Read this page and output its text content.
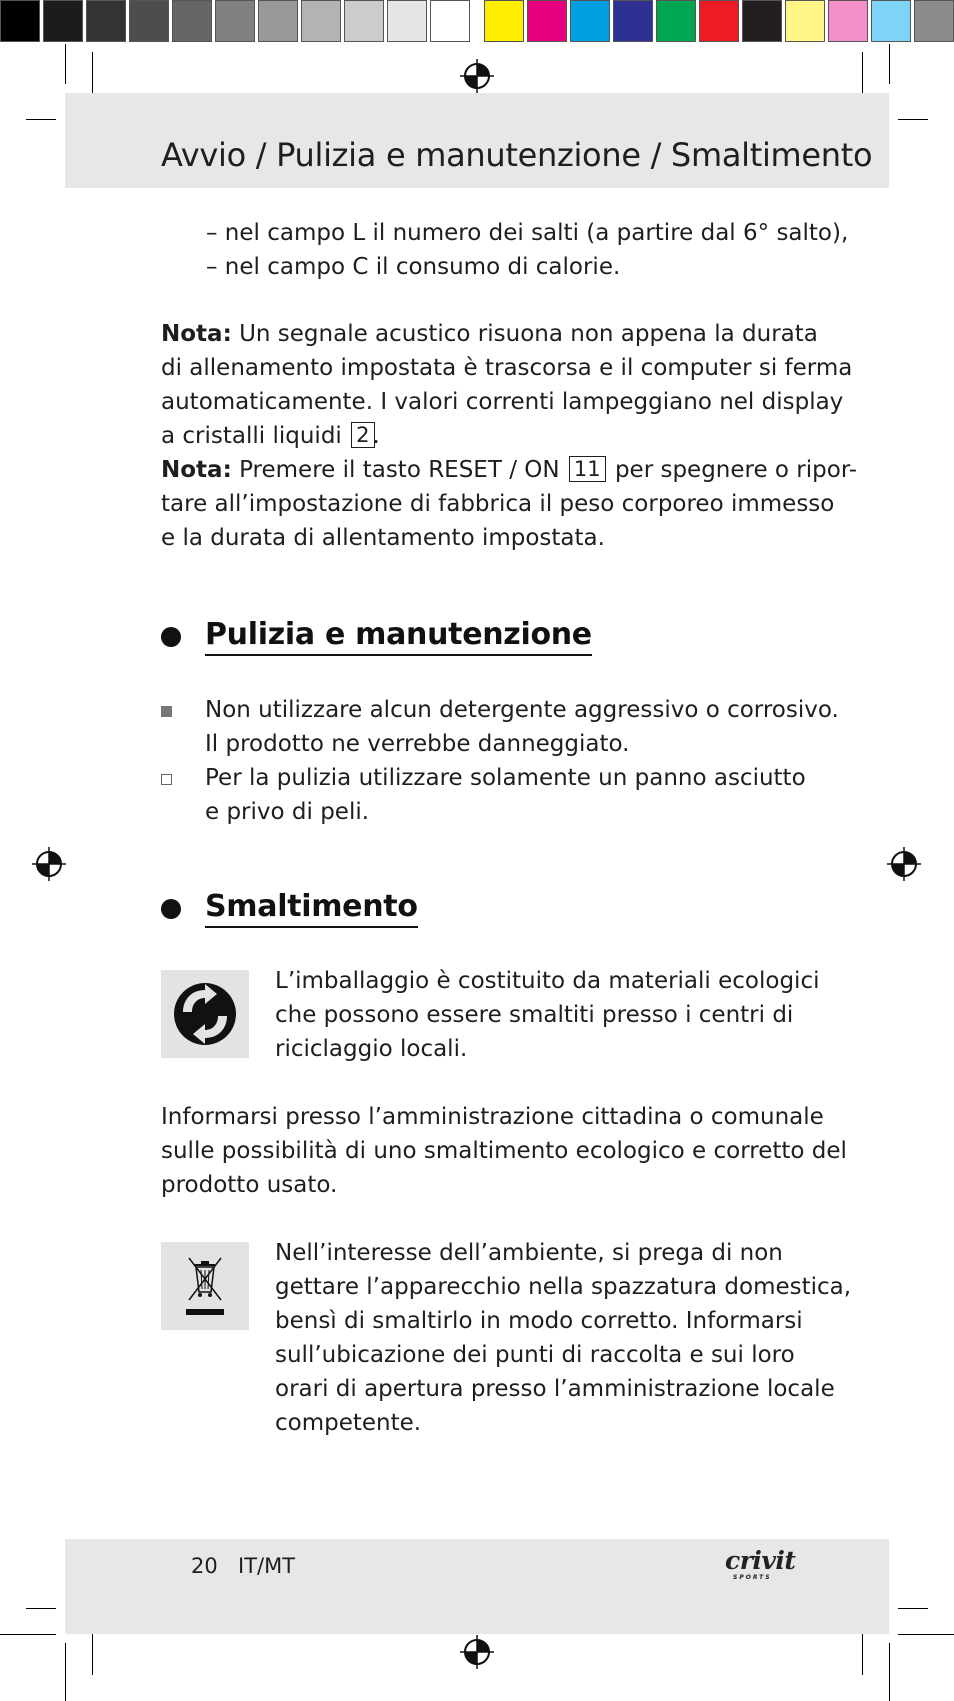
Avvio / Pulizia e manutenzione / Smaltimento
– nel campo L il numero dei salti (a partire dal 6° salto),
– nel campo C il consumo di calorie.
Nota: Un segnale acustico risuona non appena la durata
di allenamento impostata è trascorsa e il computer si ferma
automaticamente. I valori correnti lampeggiano nel display
a cristalli liquidi 2 .
Nota: Premere il tasto RESET / ON 11 per spegnere o ripor-
tare all’impostazione di fabbrica il peso corporeo immesso
e la durata di allentamento impostata.
Pulizia e manutenzione
Non utilizzare alcun detergente aggressivo o corrosivo.
Il prodotto ne verrebbe danneggiato.
Per la pulizia utilizzare solamente un panno asciutto
e privo di peli.
Smaltimento
L’imballaggio è costituito da materiali ecologici
che possono essere smaltiti presso i centri di
riciclaggio locali.
Informarsi presso l’amministrazione cittadina o comunale
sulle possibilità di uno smaltimento ecologico e corretto del
prodotto usato.
Nell’interesse dell’ambiente, si prega di non
gettare l’apparecchio nella spazzatura domestica,
bensì di smaltirlo in modo corretto. Informarsi
sull’ubicazione dei punti di raccolta e sui loro
orari di apertura presso l’amministrazione locale
competente.
20 IT/MT	crivit
SPORTS
